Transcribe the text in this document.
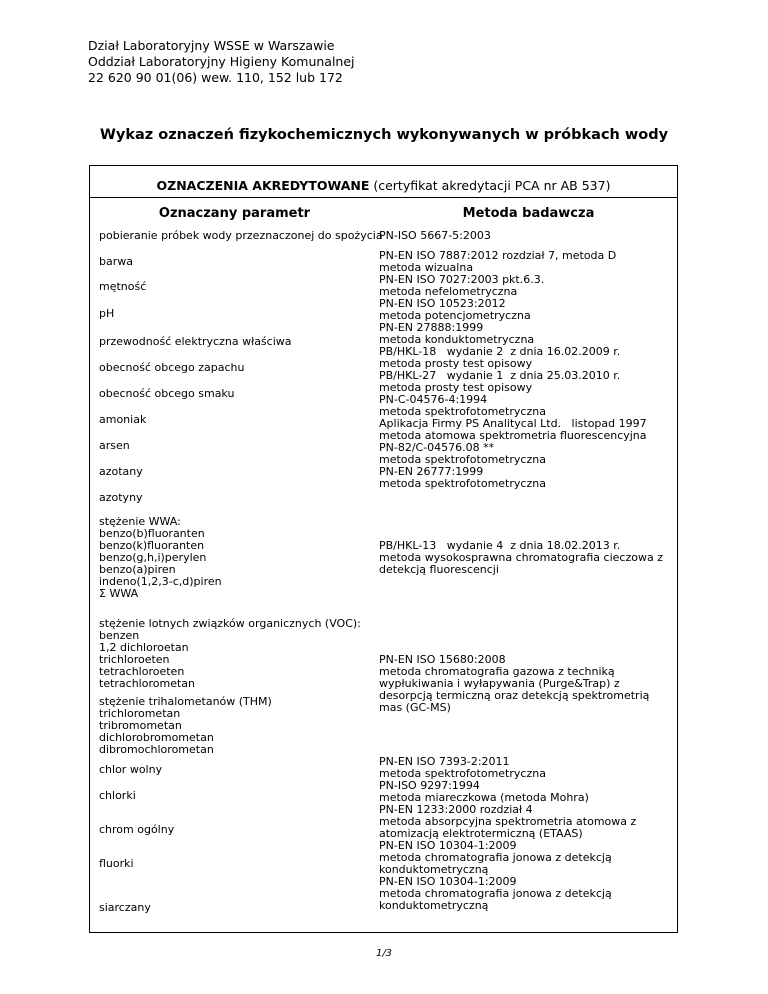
Dział Laboratoryjny WSSE w Warszawie
Oddział Laboratoryjny Higieny Komunalnej
22 620 90 01(06) wew. 110, 152 lub 172
Wykaz oznaczeń fizykochemicznych wykonywanych w próbkach wody
OZNACZENIA AKREDYTOWANE (certyfikat akredytacji PCA nr AB 537)
Oznaczany parametr	Metoda badawcza
pobieranie próbek wody przeznaczonej do spożycia
barwa
mętność
pH
przewodność elektryczna właściwa
obecność obcego zapachu
obecność obcego smaku
amoniak
arsen
azotany
azotyny
stężenie WWA:
benzo(b)fluoranten
benzo(k)fluoranten
benzo(g,h,i)perylen
benzo(a)piren
indeno(1,2,3-c,d)piren
Σ WWA
stężenie lotnych związków organicznych (VOC):
benzen
1,2 dichloroetan
trichloroeten
tetrachloroeten
tetrachlorometan
stężenie trihalometanów (THM)
trichlorometan
tribromometan
dichlorobromometan
dibromochlorometan
chlor wolny
chlorki
chrom ogólny
fluorki
siarczany
PN-ISO 5667-5:2003
PN-EN ISO 7887:2012 rozdział 7, metoda D
metoda wizualna
PN-EN ISO 7027:2003 pkt.6.3.
metoda nefelometryczna
PN-EN ISO 10523:2012
metoda potencjometryczna
PN-EN 27888:1999
metoda konduktometryczna
PB/HKL-18   wydanie 2  z dnia 16.02.2009 r.
metoda prosty test opisowy
PB/HKL-27   wydanie 1  z dnia 25.03.2010 r.
metoda prosty test opisowy
PN-C-04576-4:1994
metoda spektrofotometryczna
Aplikacja Firmy PS Analitycal Ltd.   listopad 1997
metoda atomowa spektrometria fluorescencyjna
PN-82/C-04576.08 **
metoda spektrofotometryczna
PN-EN 26777:1999
metoda spektrofotometryczna
PB/HKL-13   wydanie 4  z dnia 18.02.2013 r.
metoda wysokosprawna chromatografia cieczowa z
detekcją fluorescencji
PN-EN ISO 15680:2008
metoda chromatografia gazowa z techniką
wypłukiwania i wyłapywania (Purge&Trap) z
desorpcją termiczną oraz detekcją spektrometrią
mas (GC-MS)
PN-EN ISO 7393-2:2011
metoda spektrofotometryczna
PN-ISO 9297:1994
metoda miareczkowa (metoda Mohra)
PN-EN 1233:2000 rozdział 4
metoda absorpcyjna spektrometria atomowa z
atomizacją elektrotermiczną (ETAAS)
PN-EN ISO 10304-1:2009
metoda chromatografia jonowa z detekcją
konduktometryczną
PN-EN ISO 10304-1:2009
metoda chromatografia jonowa z detekcją
konduktometryczną
1/3
